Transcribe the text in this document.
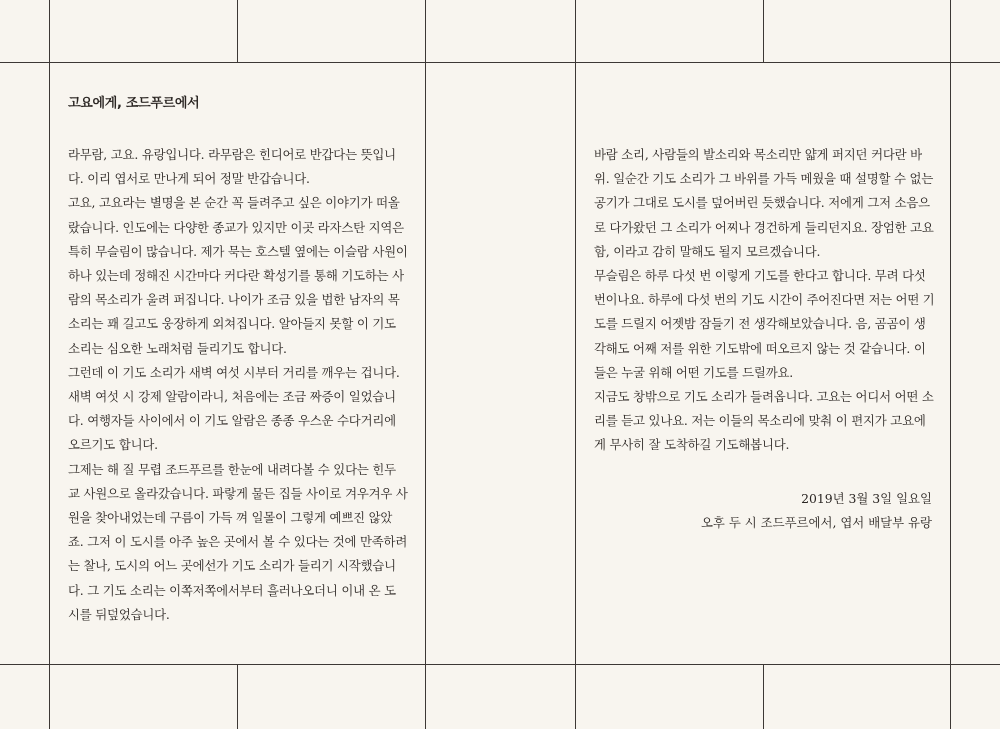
고요에게, 조드푸르에서
라무람, 고요. 유랑입니다. 라무람은 힌디어로 반갑다는 뜻입니
다. 이리 엽서로 만나게 되어 정말 반갑습니다.
고요, 고요라는 별명을 본 순간 꼭 들려주고 싶은 이야기가 떠올
랐습니다. 인도에는 다양한 종교가 있지만 이곳 라자스탄 지역은
특히 무슬림이 많습니다. 제가 묵는 호스텔 옆에는 이슬람 사원이
하나 있는데 정해진 시간마다 커다란 확성기를 통해 기도하는 사
람의 목소리가 울려 퍼집니다. 나이가 조금 있을 법한 남자의 목
소리는 꽤 길고도 웅장하게 외쳐집니다. 알아들지 못할 이 기도
소리는 심오한 노래처럼 들리기도 합니다.
그런데 이 기도 소리가 새벽 여섯 시부터 거리를 깨우는 겁니다.
새벽 여섯 시 강제 알람이라니, 처음에는 조금 짜증이 일었습니
다. 여행자들 사이에서 이 기도 알람은 종종 우스운 수다거리에
오르기도 합니다.
그제는 해 질 무렵 조드푸르를 한눈에 내려다볼 수 있다는 힌두
교 사원으로 올라갔습니다. 파랗게 물든 집들 사이로 겨우겨우 사
원을 찾아내었는데 구름이 가득 껴 일몰이 그렇게 예쁘진 않았
죠. 그저 이 도시를 아주 높은 곳에서 볼 수 있다는 것에 만족하려
는 찰나, 도시의 어느 곳에선가 기도 소리가 들리기 시작했습니
다. 그 기도 소리는 이쪽저쪽에서부터 흘러나오더니 이내 온 도
시를 뒤덮었습니다.
바람 소리, 사람들의 발소리와 목소리만 얇게 퍼지던 커다란 바
위. 일순간 기도 소리가 그 바위를 가득 메웠을 때 설명할 수 없는
공기가 그대로 도시를 덮어버린 듯했습니다. 저에게 그저 소음으
로 다가왔던 그 소리가 어찌나 경건하게 들리던지요. 장엄한 고요
함, 이라고 감히 말해도 될지 모르겠습니다.
무슬림은 하루 다섯 번 이렇게 기도를 한다고 합니다. 무려 다섯
번이나요. 하루에 다섯 번의 기도 시간이 주어진다면 저는 어떤 기
도를 드릴지 어젯밤 잠들기 전 생각해보았습니다. 음, 곰곰이 생
각해도 어째 저를 위한 기도밖에 떠오르지 않는 것 같습니다. 이
들은 누굴 위해 어떤 기도를 드릴까요.
지금도 창밖으로 기도 소리가 들려옵니다. 고요는 어디서 어떤 소
리를 듣고 있나요. 저는 이들의 목소리에 맞춰 이 편지가 고요에
게 무사히 잘 도착하길 기도해봅니다.
2019년 3월 3일 일요일
오후 두 시 조드푸르에서, 엽서 배달부 유랑
